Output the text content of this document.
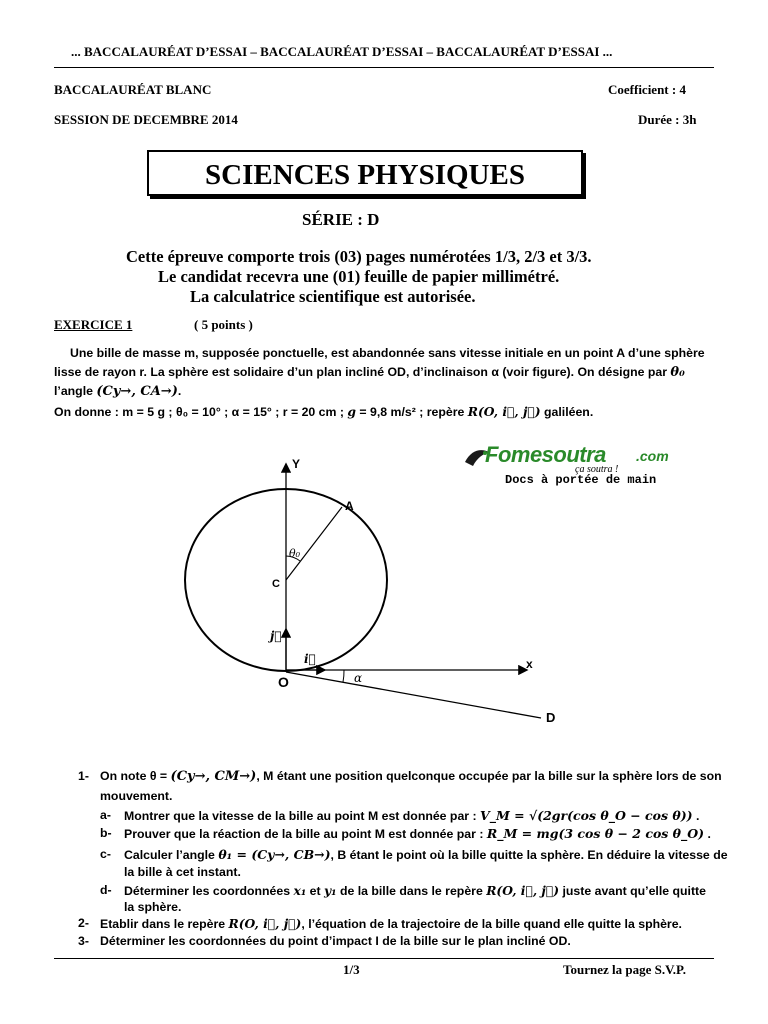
... BACCALAURÉAT D’ESSAI – BACCALAURÉAT D’ESSAI – BACCALAURÉAT D’ESSAI ...
BACCALAURÉAT BLANC	Coefficient : 4
SESSION DE DECEMBRE 2014	Durée : 3h
SCIENCES PHYSIQUES
SÉRIE : D
Cette épreuve comporte trois (03) pages numérotées 1/3, 2/3 et 3/3.
Le candidat recevra une (01) feuille de papier millimétré.
La calculatrice scientifique est autorisée.
EXERCICE 1	( 5 points )
Une bille de masse m, supposée ponctuelle, est abandonnée sans vitesse initiale en un point A d’une sphère
lisse de rayon r. La sphère est solidaire d’un plan incliné OD, d’inclinaison α (voir figure). On désigne par θ₀
l’angle (Cy→, CA→).
On donne : m = 5 g ; θ₀ = 10° ; α = 15° ; r = 20 cm ; g = 9,8 m/s² ; repère R(O, i⃗, j⃗) galiléen.
Fomesoutra .com
ça soutra !
Docs à portée de main
Y
A
θ₀
C
j⃗
i⃗	x
O	α
D
1- On note θ = (Cy→, CM→), M étant une position quelconque occupée par la bille sur la sphère lors de son
mouvement.
a- Montrer que la vitesse de la bille au point M est donnée par : V_M = √(2gr(cos θ_O − cos θ)) .
b- Prouver que la réaction de la bille au point M est donnée par : R_M = mg(3 cos θ − 2 cos θ_O) .
c- Calculer l’angle θ₁ = (Cy→, CB→), B étant le point où la bille quitte la sphère. En déduire la vitesse de
la bille à cet instant.
d- Déterminer les coordonnées x₁ et y₁ de la bille dans le repère R(O, i⃗, j⃗) juste avant qu’elle quitte
la sphère.
2- Etablir dans le repère R(O, i⃗, j⃗), l’équation de la trajectoire de la bille quand elle quitte la sphère.
3- Déterminer les coordonnées du point d’impact I de la bille sur le plan incliné OD.
1/3	Tournez la page S.V.P.
